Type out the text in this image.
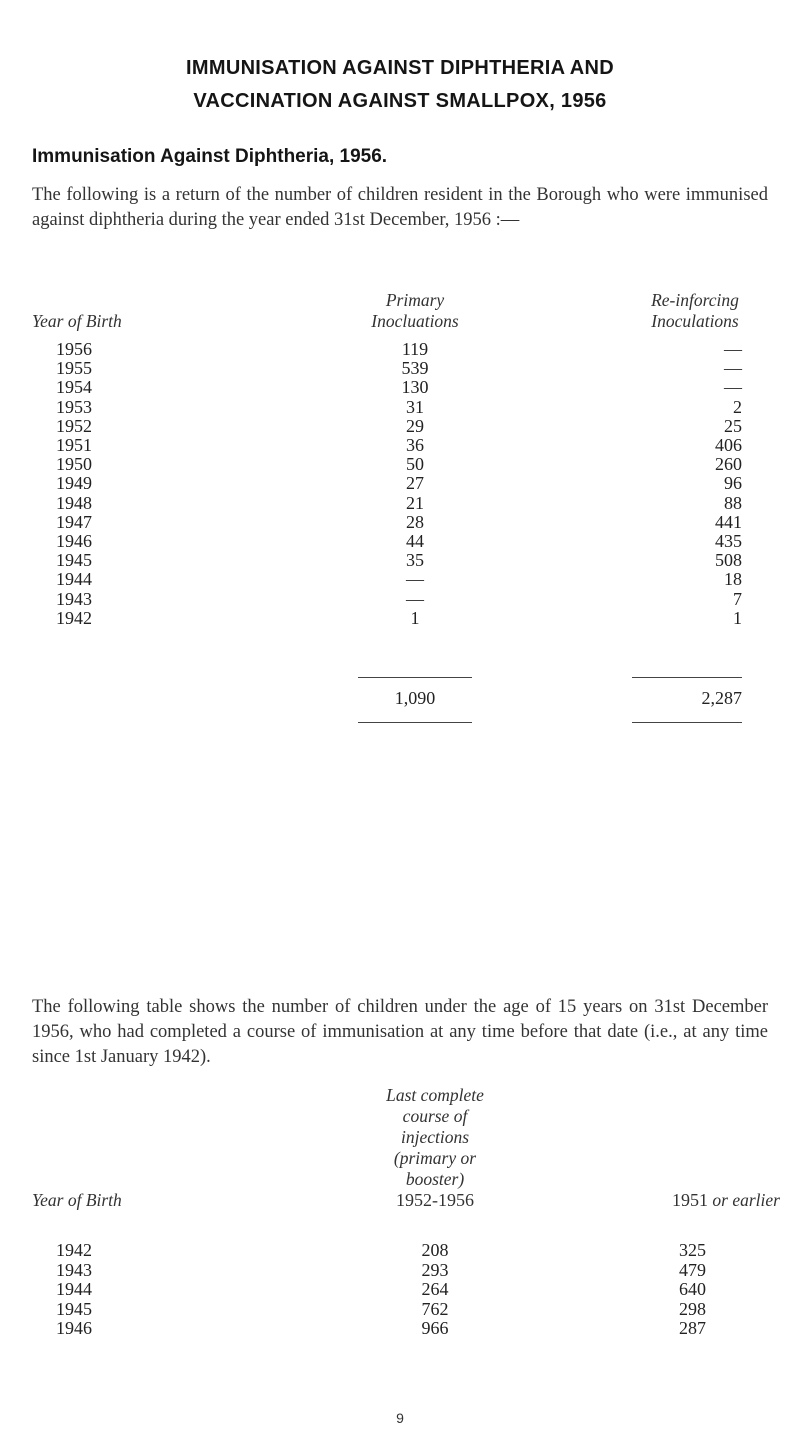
IMMUNISATION AGAINST DIPHTHERIA AND
VACCINATION AGAINST SMALLPOX, 1956
Immunisation Against Diphtheria, 1956.
The following is a return of the number of children resident in the Borough who were immunised against diphtheria during the year ended 31st December, 1956 :—
Year of Birth
Primary
Inocluations
Re-inforcing
Inoculations
1956	119	—
1955	539	—
1954	130	—
1953	31	2
1952	29	25
1951	36	406
1950	50	260
1949	27	96
1948	21	88
1947	28	441
1946	44	435
1945	35	508
1944	—	18
1943	—	7
1942	1	1
1,090	2,287
The following table shows the number of children under the age of 15 years on 31st December 1956, who had completed a course of immunisation at any time before that date (i.e., at any time since 1st January 1942).
Year of Birth
Last complete
course of
injections
(primary or
booster)
1952-1956	1951 or earlier
1942	208	325
1943	293	479
1944	264	640
1945	762	298
1946	966	287
9
